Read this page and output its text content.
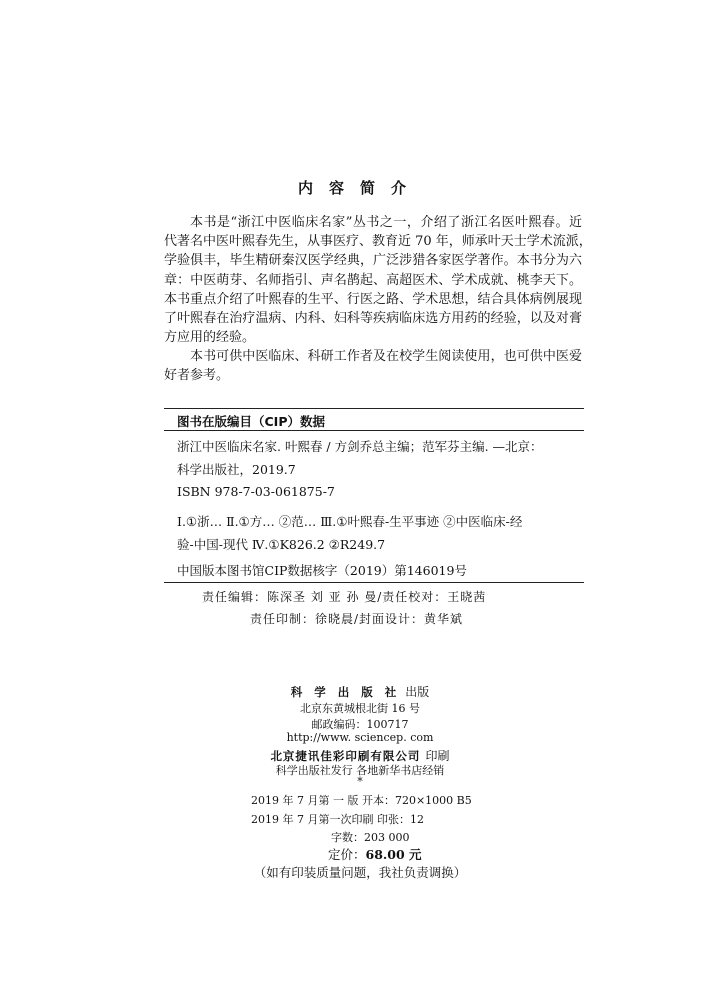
内容简介
本书是“浙江中医临床名家”丛书之一，介绍了浙江名医叶熙春。近
代著名中医叶熙春先生，从事医疗、教育近 70 年，师承叶天士学术流派，
学验俱丰，毕生精研秦汉医学经典，广泛涉猎各家医学著作。本书分为六
章：中医萌芽、名师指引、声名鹊起、高超医术、学术成就、桃李天下。
本书重点介绍了叶熙春的生平、行医之路、学术思想，结合具体病例展现
了叶熙春在治疗温病、内科、妇科等疾病临床选方用药的经验，以及对膏
方应用的经验。
本书可供中医临床、科研工作者及在校学生阅读使用，也可供中医爱
好者参考。
图书在版编目（CIP）数据
浙江中医临床名家. 叶熙春 / 方剑乔总主编；范军芬主编. —北京：
科学出版社，2019.7
ISBN 978-7-03-061875-7
Ⅰ.①浙… Ⅱ.①方… ②范… Ⅲ.①叶熙春-生平事迹 ②中医临床-经
验-中国-现代 Ⅳ.①K826.2 ②R249.7
中国版本图书馆CIP数据核字（2019）第146019号
责任编辑：陈深圣 刘 亚 孙 曼/责任校对：王晓茜
责任印制：徐晓晨/封面设计：黄华斌
科 学 出 版 社 出版
北京东黄城根北街 16 号
邮政编码：100717
http://www. sciencep. com
北京捷讯佳彩印刷有限公司 印刷
科学出版社发行 各地新华书店经销
*
2019 年 7 月第 一 版 开本：720×1000 B5
2019 年 7 月第一次印刷 印张：12
字数：203 000
定价：68.00 元
（如有印装质量问题，我社负责调换）
